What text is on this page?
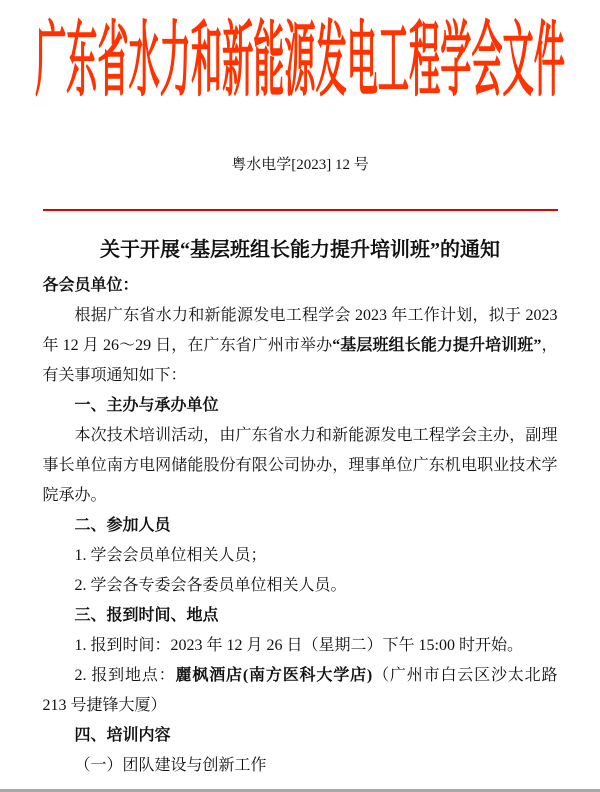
广东省水力和新能源发电工程学会文件
粤水电学[2023] 12 号
关于开展“基层班组长能力提升培训班”的通知
各会员单位：
根据广东省水力和新能源发电工程学会 2023 年工作计划，拟于 2023 年 12 月 26～29 日，在广东省广州市举办“基层班组长能力提升培训班”，有关事项通知如下：
一、主办与承办单位
本次技术培训活动，由广东省水力和新能源发电工程学会主办，副理事长单位南方电网储能股份有限公司协办，理事单位广东机电职业技术学院承办。
二、参加人员
1. 学会会员单位相关人员；
2. 学会各专委会各委员单位相关人员。
三、报到时间、地点
1. 报到时间：2023 年 12 月 26 日（星期二）下午 15:00 时开始。
2. 报到地点：麗枫酒店(南方医科大学店)（广州市白云区沙太北路 213 号捷锋大厦）
四、培训内容
（一）团队建设与创新工作
